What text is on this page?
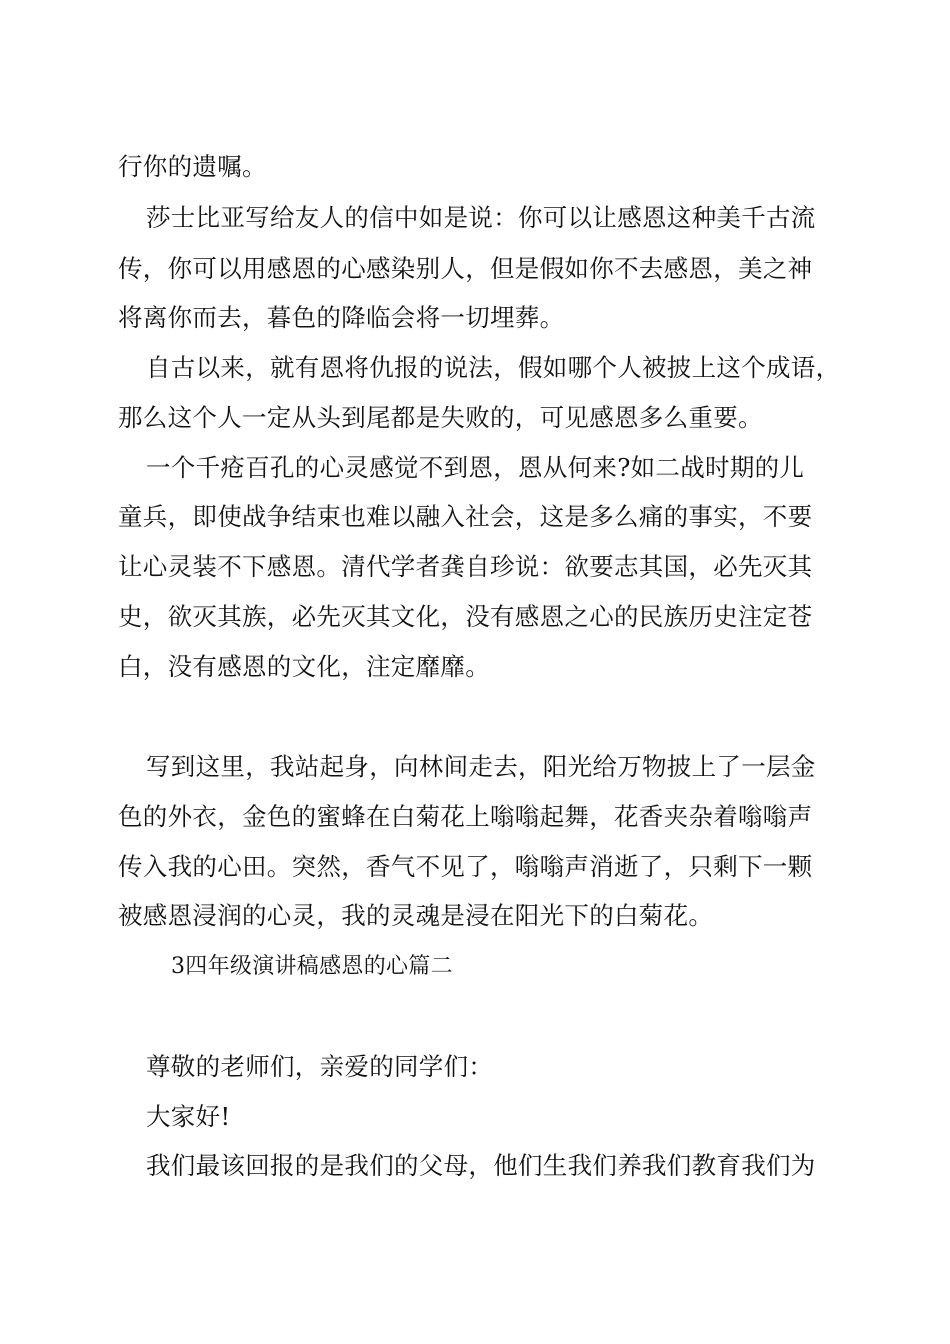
行你的遗嘱。
莎士比亚写给友人的信中如是说：你可以让感恩这种美千古流
传，你可以用感恩的心感染别人，但是假如你不去感恩，美之神
将离你而去，暮色的降临会将一切埋葬。
自古以来，就有恩将仇报的说法，假如哪个人被披上这个成语，
那么这个人一定从头到尾都是失败的，可见感恩多么重要。
一个千疮百孔的心灵感觉不到恩，恩从何来?如二战时期的儿
童兵，即使战争结束也难以融入社会，这是多么痛的事实，不要
让心灵装不下感恩。清代学者龚自珍说：欲要志其国，必先灭其
史，欲灭其族，必先灭其文化，没有感恩之心的民族历史注定苍
白，没有感恩的文化，注定靡靡。
写到这里，我站起身，向林间走去，阳光给万物披上了一层金
色的外衣，金色的蜜蜂在白菊花上嗡嗡起舞，花香夹杂着嗡嗡声
传入我的心田。突然，香气不见了，嗡嗡声消逝了，只剩下一颗
被感恩浸润的心灵，我的灵魂是浸在阳光下的白菊花。
3四年级演讲稿感恩的心篇二
尊敬的老师们，亲爱的同学们：
大家好!
我们最该回报的是我们的父母，他们生我们养我们教育我们为
